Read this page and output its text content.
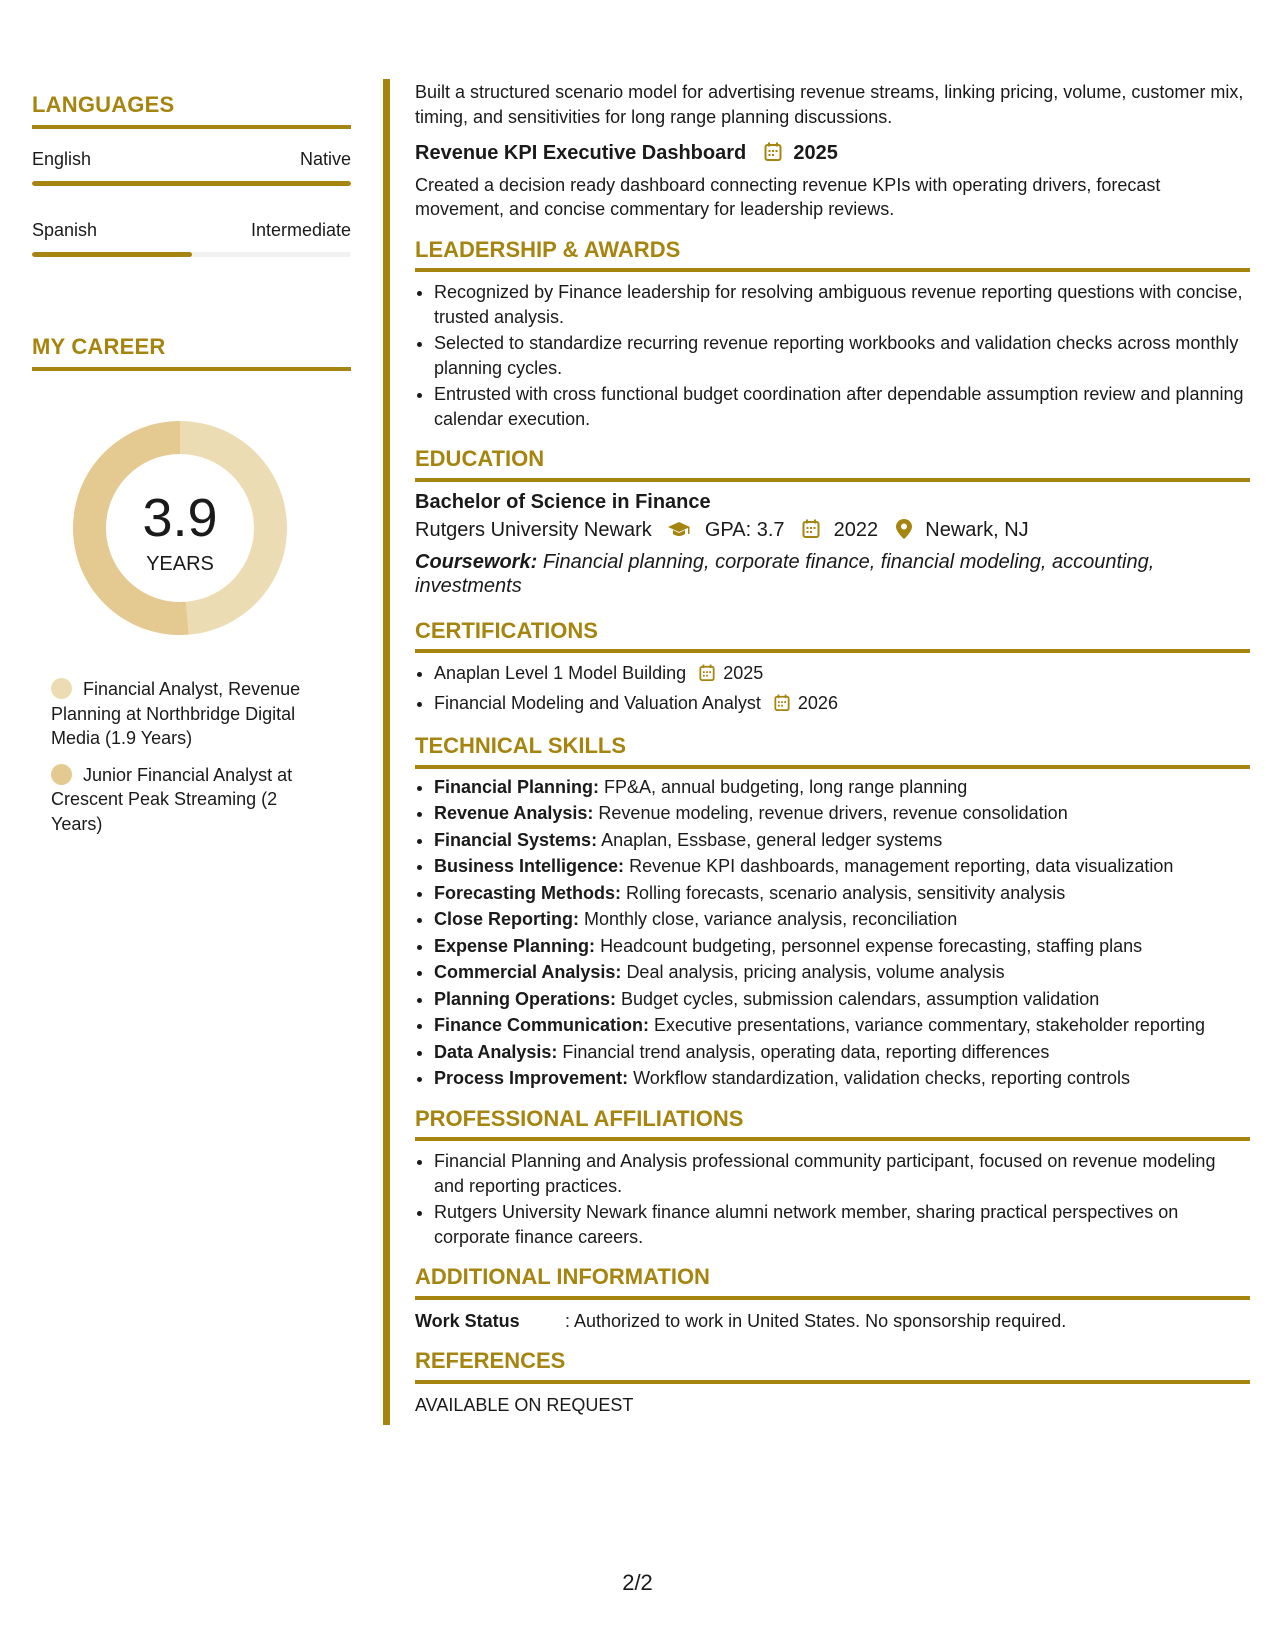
LANGUAGES
English	Native
Spanish	Intermediate
MY CAREER
3.9
YEARS
Financial Analyst, Revenue Planning at Northbridge Digital Media (1.9 Years)
Junior Financial Analyst at Crescent Peak Streaming (2 Years)
Built a structured scenario model for advertising revenue streams, linking pricing, volume, customer mix, timing, and sensitivities for long range planning discussions.
Revenue KPI Executive Dashboard 2025
Created a decision ready dashboard connecting revenue KPIs with operating drivers, forecast movement, and concise commentary for leadership reviews.
LEADERSHIP & AWARDS
• Recognized by Finance leadership for resolving ambiguous revenue reporting questions with concise, trusted analysis.
• Selected to standardize recurring revenue reporting workbooks and validation checks across monthly planning cycles.
• Entrusted with cross functional budget coordination after dependable assumption review and planning calendar execution.
EDUCATION
Bachelor of Science in Finance
Rutgers University Newark	GPA: 3.7 2022 Newark, NJ
Coursework: Financial planning, corporate finance, financial modeling, accounting, investments
CERTIFICATIONS
• Anaplan Level 1 Model Building 2025
• Financial Modeling and Valuation Analyst 2026
TECHNICAL SKILLS
• Financial Planning: FP&A, annual budgeting, long range planning
• Revenue Analysis: Revenue modeling, revenue drivers, revenue consolidation
• Financial Systems: Anaplan, Essbase, general ledger systems
• Business Intelligence: Revenue KPI dashboards, management reporting, data visualization
• Forecasting Methods: Rolling forecasts, scenario analysis, sensitivity analysis
• Close Reporting: Monthly close, variance analysis, reconciliation
• Expense Planning: Headcount budgeting, personnel expense forecasting, staffing plans
• Commercial Analysis: Deal analysis, pricing analysis, volume analysis
• Planning Operations: Budget cycles, submission calendars, assumption validation
• Finance Communication: Executive presentations, variance commentary, stakeholder reporting
• Data Analysis: Financial trend analysis, operating data, reporting differences
• Process Improvement: Workflow standardization, validation checks, reporting controls
PROFESSIONAL AFFILIATIONS
• Financial Planning and Analysis professional community participant, focused on revenue modeling and reporting practices.
• Rutgers University Newark finance alumni network member, sharing practical perspectives on corporate finance careers.
ADDITIONAL INFORMATION
Work Status	: Authorized to work in United States. No sponsorship required.
REFERENCES
AVAILABLE ON REQUEST
2/2
